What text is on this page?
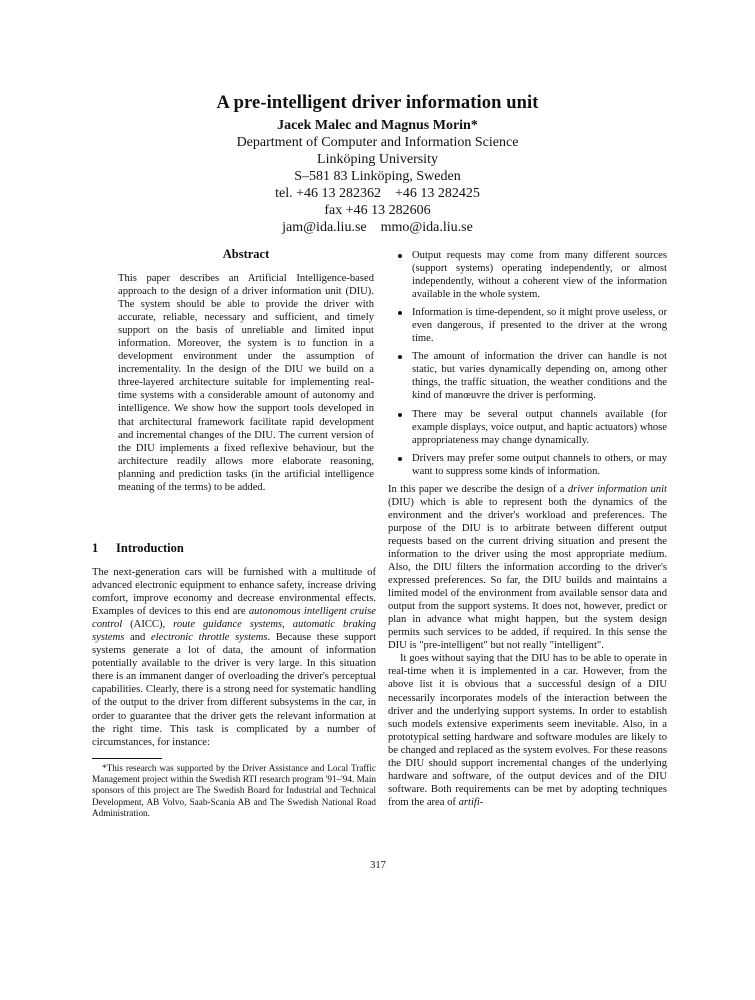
A pre-intelligent driver information unit
Jacek Malec and Magnus Morin*
Department of Computer and Information Science
Linköping University
S–581 83 Linköping, Sweden
tel. +46 13 282362    +46 13 282425
fax +46 13 282606
jam@ida.liu.se    mmo@ida.liu.se
Abstract

This paper describes an Artificial Intelligence-based approach to the design of a driver information unit (DIU). The system should be able to provide the driver with accurate, reliable, necessary and sufficient, and timely support on the basis of unreliable and limited input information. Moreover, the system is to function in a development environment under the assumption of incrementality. In the design of the DIU we build on a three-layered architecture suitable for implementing real-time systems with a considerable amount of autonomy and intelligence. We show how the support tools developed in that architectural framework facilitate rapid development and incremental changes of the DIU. The current version of the DIU implements a fixed reflexive behaviour, but the architecture readily allows more elaborate reasoning, planning and prediction tasks (in the artificial intelligence meaning of the terms) to be added.

1 Introduction

The next-generation cars will be furnished with a multitude of advanced electronic equipment to enhance safety, increase driving comfort, improve economy and decrease environmental effects. Examples of devices to this end are autonomous intelligent cruise control (AICC), route guidance systems, automatic braking systems and electronic throttle systems. Because these support systems generate a lot of data, the amount of information potentially available to the driver is very large. In this situation there is an immanent danger of overloading the driver's perceptual capabilities. Clearly, there is a strong need for systematic handling of the output to the driver from different subsystems in the car, in order to guarantee that the driver gets the relevant information at the right time. This task is complicated by a number of circumstances, for instance:

*This research was supported by the Driver Assistance and Local Traffic Management project within the Swedish RTI research program '91–'94. Main sponsors of this project are The Swedish Board for Industrial and Technical Development, AB Volvo, Saab-Scania AB and The Swedish National Road Administration.

Output requests may come from many different sources (support systems) operating independently, or almost independently, without a coherent view of the information available in the whole system.
Information is time-dependent, so it might prove useless, or even dangerous, if presented to the driver at the wrong time.
The amount of information the driver can handle is not static, but varies dynamically depending on, among other things, the traffic situation, the weather conditions and the kind of manœuvre the driver is performing.
There may be several output channels available (for example displays, voice output, and haptic actuators) whose appropriateness may change dynamically.
Drivers may prefer some output channels to others, or may want to suppress some kinds of information.

In this paper we describe the design of a driver information unit (DIU) which is able to represent both the dynamics of the environment and the driver's workload and preferences. The purpose of the DIU is to arbitrate between different output requests based on the current driving situation and present the information to the driver using the most appropriate medium. Also, the DIU filters the information according to the driver's expressed preferences. So far, the DIU builds and maintains a limited model of the environment from available sensor data and output from the support systems. It does not, however, predict or plan in advance what might happen, but the system design permits such services to be added, if required. In this sense the DIU is "pre-intelligent" but not really "intelligent".

It goes without saying that the DIU has to be able to operate in real-time when it is implemented in a car. However, from the above list it is obvious that a successful design of a DIU necessarily incorporates models of the interaction between the driver and the underlying support systems. In order to establish such models extensive experiments seem inevitable. Also, in a prototypical setting hardware and software modules are likely to be changed and replaced as the system evolves. For these reasons the DIU should support incremental changes of the underlying hardware and software, of the output devices and of the DIU software. Both requirements can be met by adopting techniques from the area of artifi-

317
